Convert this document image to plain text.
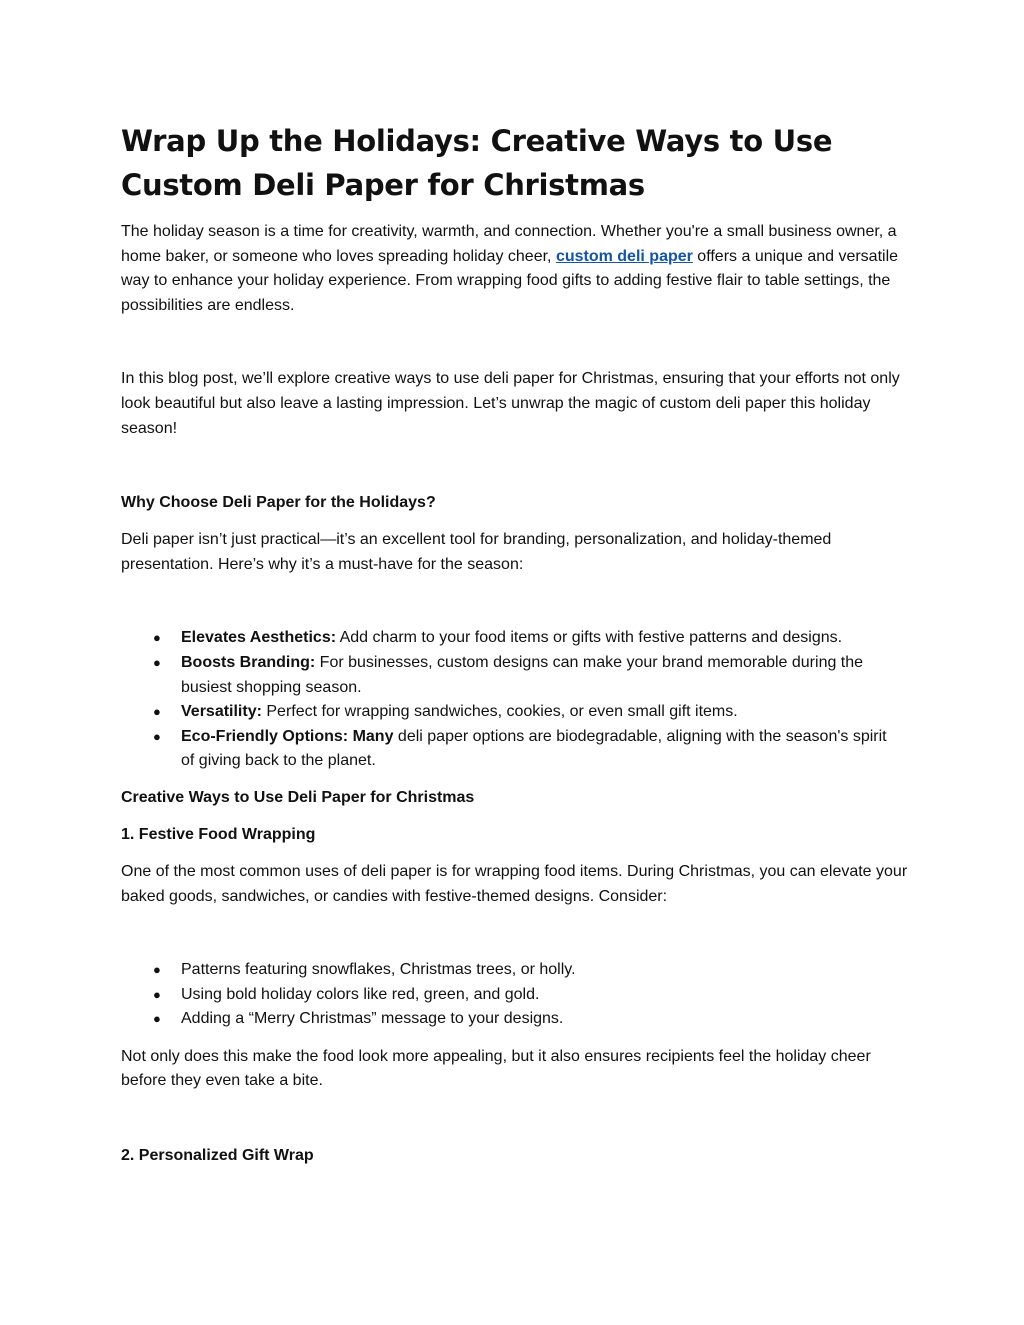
Wrap Up the Holidays: Creative Ways to Use Custom Deli Paper for Christmas

The holiday season is a time for creativity, warmth, and connection. Whether you're a small business owner, a home baker, or someone who loves spreading holiday cheer, custom deli paper offers a unique and versatile way to enhance your holiday experience. From wrapping food gifts to adding festive flair to table settings, the possibilities are endless.

In this blog post, we’ll explore creative ways to use deli paper for Christmas, ensuring that your efforts not only look beautiful but also leave a lasting impression. Let’s unwrap the magic of custom deli paper this holiday season!

Why Choose Deli Paper for the Holidays?

Deli paper isn’t just practical—it’s an excellent tool for branding, personalization, and holiday-themed presentation. Here’s why it’s a must-have for the season:

● Elevates Aesthetics: Add charm to your food items or gifts with festive patterns and designs.
● Boosts Branding: For businesses, custom designs can make your brand memorable during the busiest shopping season.
● Versatility: Perfect for wrapping sandwiches, cookies, or even small gift items.
● Eco-Friendly Options: Many deli paper options are biodegradable, aligning with the season's spirit of giving back to the planet.
Creative Ways to Use Deli Paper for Christmas
1. Festive Food Wrapping

One of the most common uses of deli paper is for wrapping food items. During Christmas, you can elevate your baked goods, sandwiches, or candies with festive-themed designs. Consider:

● Patterns featuring snowflakes, Christmas trees, or holly.
● Using bold holiday colors like red, green, and gold.
● Adding a “Merry Christmas” message to your designs.

Not only does this make the food look more appealing, but it also ensures recipients feel the holiday cheer before they even take a bite.

2. Personalized Gift Wrap
